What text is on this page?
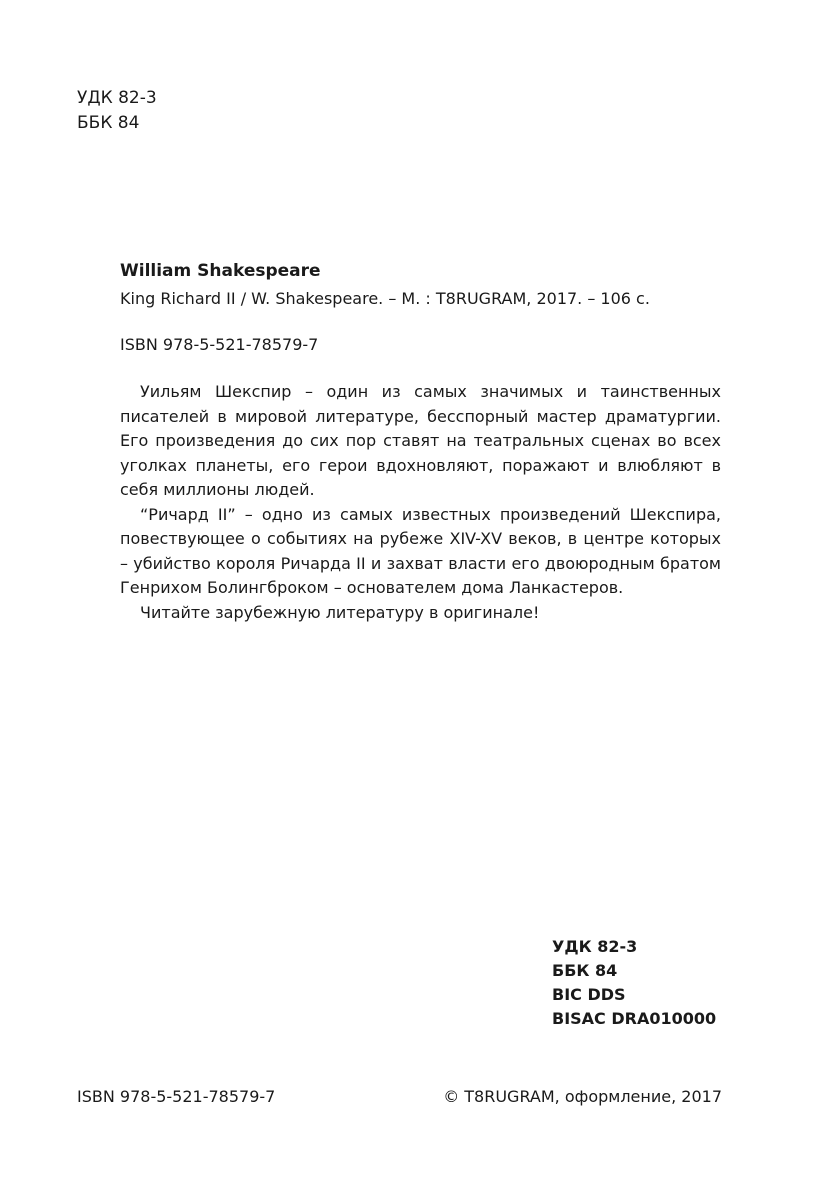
УДК 82-3
ББК 84
William Shakespeare
King Richard II / W. Shakespeare. – М. : T8RUGRAM, 2017. – 106 с.
ISBN 978-5-521-78579-7

Уильям Шекспир – один из самых значимых и таинственных писателей в мировой литературе, бесспорный мастер драматургии. Его произведения до сих пор ставят на театральных сценах во всех уголках планеты, его герои вдохновляют, поражают и влюбляют в себя миллионы людей.

“Ричард II” – одно из самых известных произведений Шекспира, повествующее о событиях на рубеже XIV-XV веков, в центре которых – убийство короля Ричарда II и захват власти его двоюродным братом Генрихом Болингброком – основателем дома Ланкастеров.

Читайте зарубежную литературу в оригинале!

УДК 82-3
ББК 84
BIC DDS
BISAC DRA010000
ISBN 978-5-521-78579-7	© T8RUGRAM, оформление, 2017
